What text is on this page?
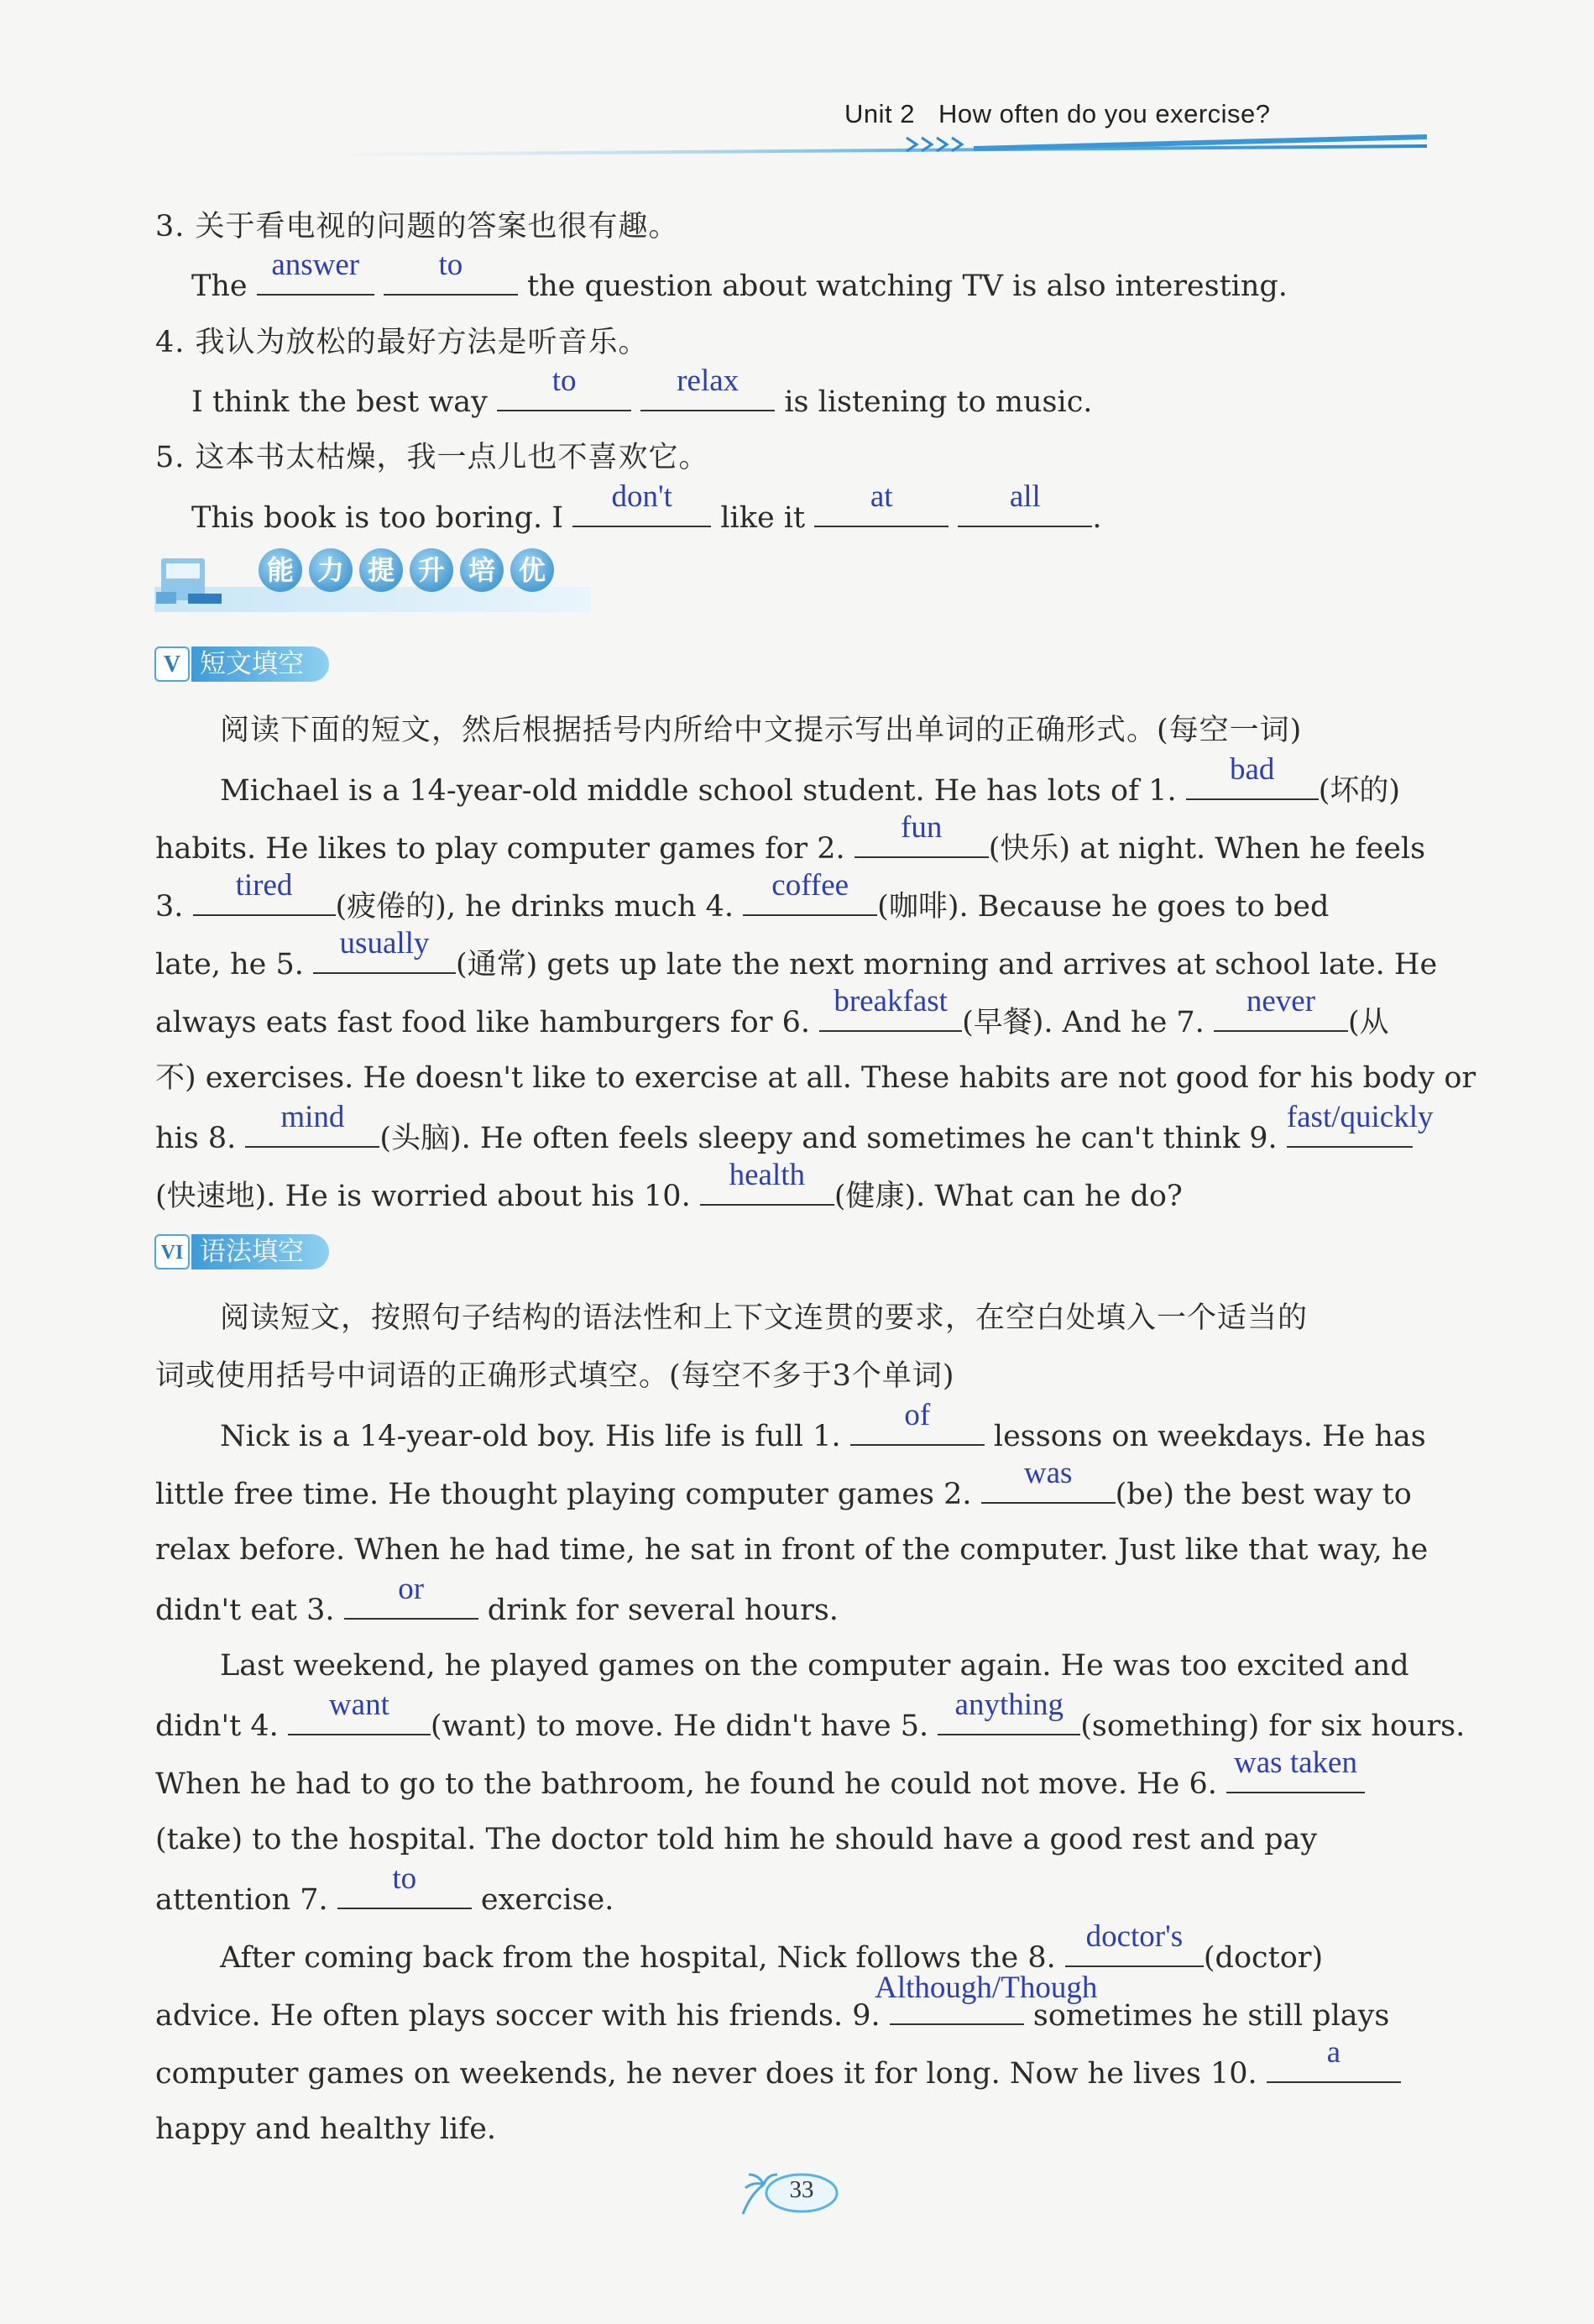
Unit 2 How often do you exercise?
3. 关于看电视的问题的答案也很有趣。
The
answer
	to
the question about watching TV is also interesting.
4. 我认为放松的最好方法是听音乐。
I think the best way
to
	relax
is listening to music.
5. 这本书太枯燥，我一点儿也不喜欢它。
This book is too boring. I
don't
like it
at
	all
.
能 力 提 升 培 优
V 短文填空
阅读下面的短文，然后根据括号内所给中文提示写出单词的正确形式。(每空一词)
Michael is a 14-year-old middle school student. He has lots of 1.
bad
(坏的)
habits. He likes to play computer games for 2.
fun
(快乐) at night. When he feels
3.
tired
(疲倦的), he drinks much 4.
coffee
(咖啡). Because he goes to bed
late, he 5.
usually
(通常) gets up late the next morning and arrives at school late. He
always eats fast food like hamburgers for 6.
breakfast
(早餐). And he 7.
never
(从
不) exercises. He doesn't like to exercise at all. These habits are not good for his body or
his 8.
mind
(头脑). He often feels sleepy and sometimes he can't think 9.
fast/quickly
(快速地). He is worried about his 10.
health
(健康). What can he do?
VI 语法填空
阅读短文，按照句子结构的语法性和上下文连贯的要求，在空白处填入一个适当的
词或使用括号中词语的正确形式填空。(每空不多于3个单词)
Nick is a 14-year-old boy. His life is full 1.
of
lessons on weekdays. He has
little free time. He thought playing computer games 2.
was
(be) the best way to
relax before. When he had time, he sat in front of the computer. Just like that way, he
didn't eat 3.
or
drink for several hours.
Last weekend, he played games on the computer again. He was too excited and
didn't 4.
want
(want) to move. He didn't have 5.
anything
(something) for six hours.
When he had to go to the bathroom, he found he could not move. He 6.
was taken
(take) to the hospital. The doctor told him he should have a good rest and pay
attention 7.
to
exercise.
After coming back from the hospital, Nick follows the 8.
doctor's
(doctor)
advice. He often plays soccer with his friends. 9.
Although/Though
sometimes he still plays
computer games on weekends, he never does it for long. Now he lives 10.
a
happy and healthy life.
33
